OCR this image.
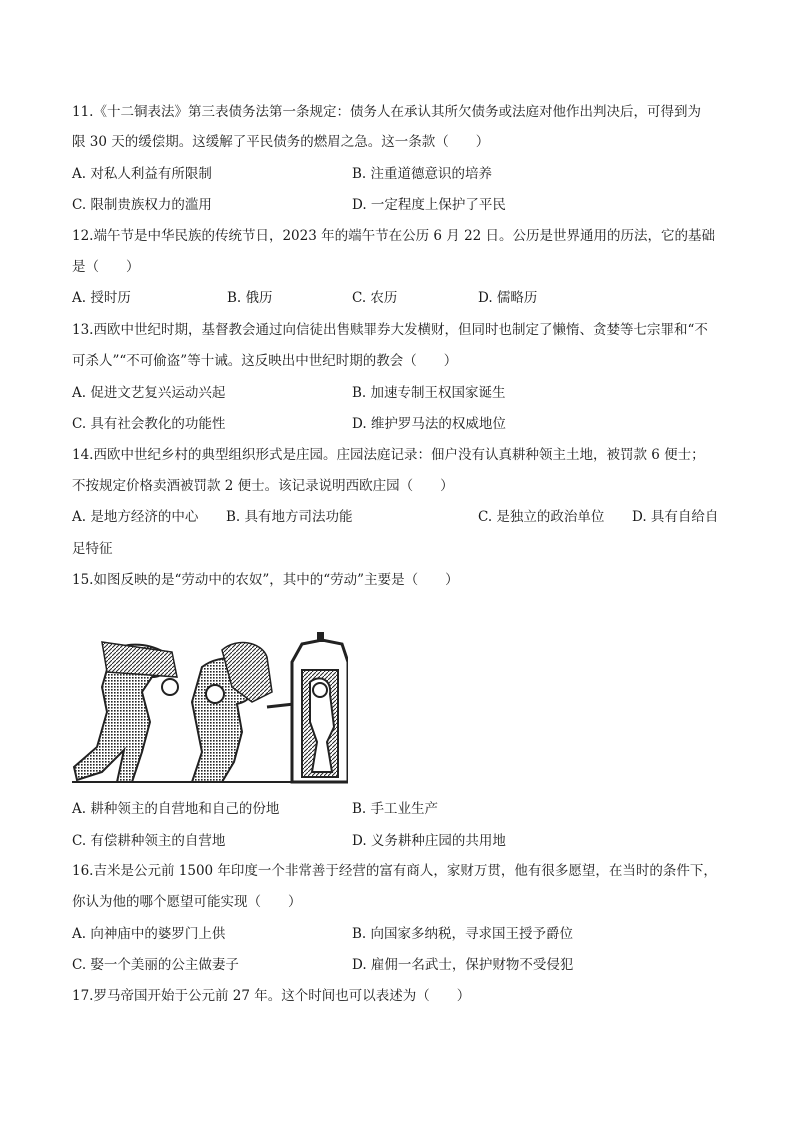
11.《十二铜表法》第三表债务法第一条规定：债务人在承认其所欠债务或法庭对他作出判决后，可得到为
限 30 天的缓偿期。这缓解了平民债务的燃眉之急。这一条款（　　）
A. 对私人利益有所限制	B. 注重道德意识的培养
C. 限制贵族权力的滥用	D. 一定程度上保护了平民
12.端午节是中华民族的传统节日，2023 年的端午节在公历 6 月 22 日。公历是世界通用的历法，它的基础
是（　　）
A. 授时历	B. 俄历	C. 农历	D. 儒略历
13.西欧中世纪时期，基督教会通过向信徒出售赎罪券大发横财，但同时也制定了懒惰、贪婪等七宗罪和“不
可杀人”“不可偷盗”等十诫。这反映出中世纪时期的教会（　　）
A. 促进文艺复兴运动兴起	B. 加速专制王权国家诞生
C. 具有社会教化的功能性	D. 维护罗马法的权威地位
14.西欧中世纪乡村的典型组织形式是庄园。庄园法庭记录：佃户没有认真耕种领主土地，被罚款 6 便士；
不按规定价格卖酒被罚款 2 便士。该记录说明西欧庄园（　　）
A. 是地方经济的中心 B. 具有地方司法功能	C. 是独立的政治单位 D. 具有自给自
足特征
15.如图反映的是“劳动中的农奴”，其中的“劳动”主要是（　　）
A. 耕种领主的自营地和自己的份地	B. 手工业生产
C. 有偿耕种领主的自营地	D. 义务耕种庄园的共用地
16.吉米是公元前 1500 年印度一个非常善于经营的富有商人，家财万贯，他有很多愿望，在当时的条件下，
你认为他的哪个愿望可能实现（　　）
A. 向神庙中的婆罗门上供	B. 向国家多纳税，寻求国王授予爵位
C. 娶一个美丽的公主做妻子	D. 雇佣一名武士，保护财物不受侵犯
17.罗马帝国开始于公元前 27 年。这个时间也可以表述为（　　）
